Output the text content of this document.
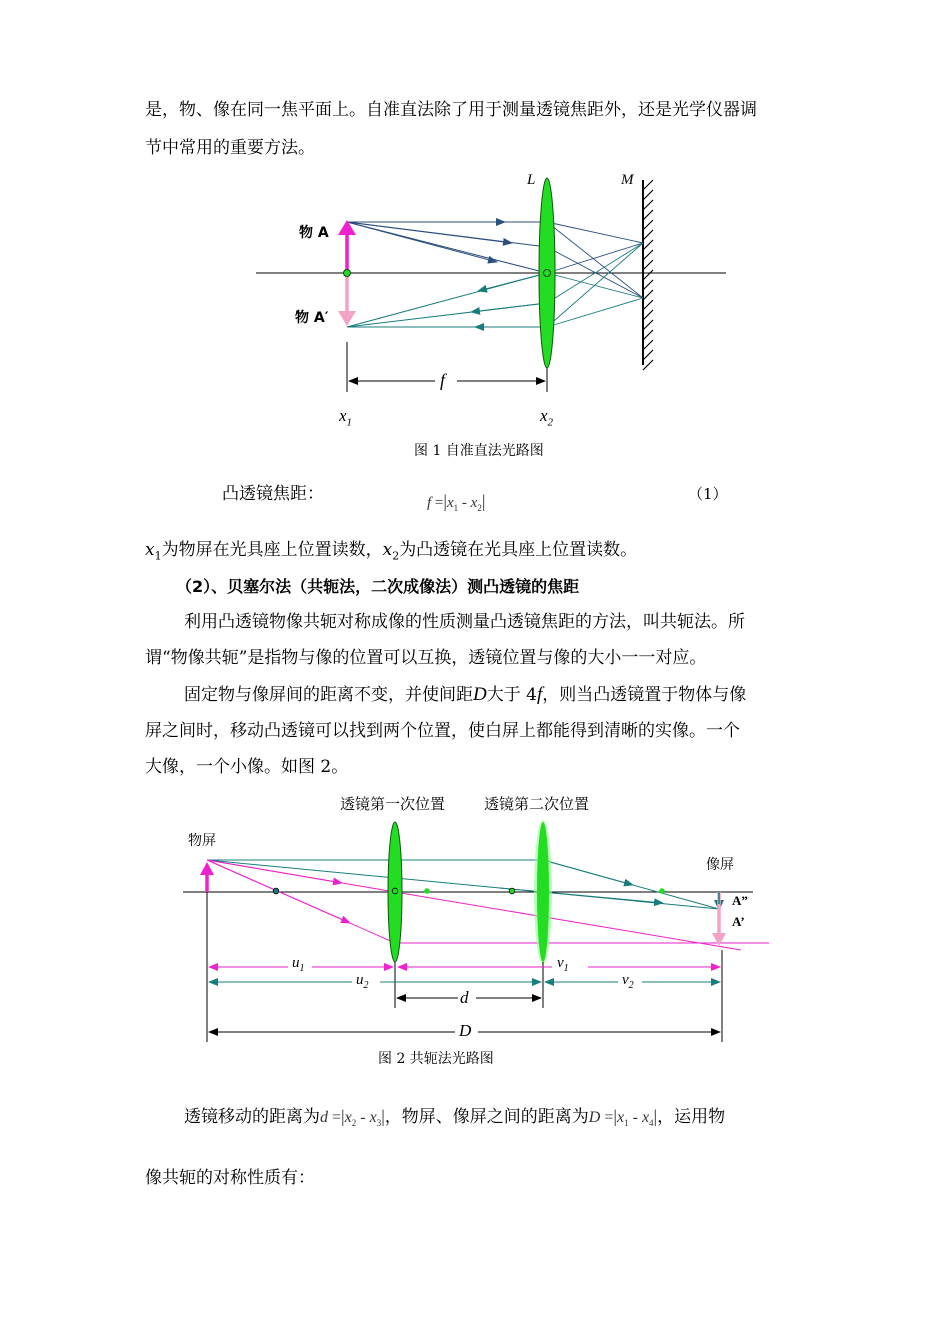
是，物、像在同一焦平面上。自准直法除了用于测量透镜焦距外，还是光学仪器调
节中常用的重要方法。
L	M
物 A
物 A′
f
$x_1$	$x_2$
图 1 自准直法光路图
凸透镜焦距：	$f =|x_1 - x_2|$	（1）
$x_1$为物屏在光具座上位置读数，$x_2$为凸透镜在光具座上位置读数。
（2）、贝塞尔法（共轭法，二次成像法）测凸透镜的焦距
利用凸透镜物像共轭对称成像的性质测量凸透镜焦距的方法，叫共轭法。所
谓“物像共轭”是指物与像的位置可以互换，透镜位置与像的大小一一对应。
固定物与像屏间的距离不变，并使间距D大于 4f，则当凸透镜置于物体与像
屏之间时，移动凸透镜可以找到两个位置，使白屏上都能得到清晰的实像。一个
大像，一个小像。如图 2。
透镜第一次位置	透镜第二次位置
物屏
像屏
A”
A’
$u_1$
$u_2$
$v_1$
$v_2$
d
D
图 2 共轭法光路图
透镜移动的距离为$d =|x_2 - x_3|$，物屏、像屏之间的距离为$D =|x_1 - x_4|$，运用物
像共轭的对称性质有：
